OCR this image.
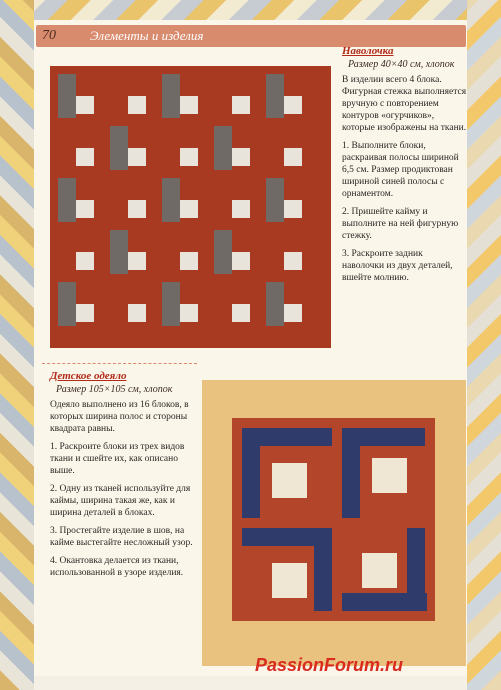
70	Элементы и изделия

Наволочка

Размер 40×40 см, хлопок

В изделии всего 4 блока. Фигурная стежка выполняется вручную с повторением контуров «огурчиков», которые изображены на ткани.

1. Выполните блоки, раскраивая полосы шириной 6,5 см. Размер продиктован шириной синей полосы с орнаментом.

2. Пришейте кайму и выполните на ней фигурную стежку.

3. Раскроите задник наволочки из двух деталей, вшейте молнию.

Детское одеяло

Размер 105×105 см, хлопок

Одеяло выполнено из 16 блоков, в которых ширина полос и стороны квадрата равны.

1. Раскроите блоки из трех видов ткани и сшейте их, как описано выше.

2. Одну из тканей используйте для каймы, ширина такая же, как и ширина деталей в блоках.

3. Простегайте изделие в шов, на кайме выстегайте несложный узор.

4. Окантовка делается из ткани, использованной в узоре изделия.

PassionForum.ru
